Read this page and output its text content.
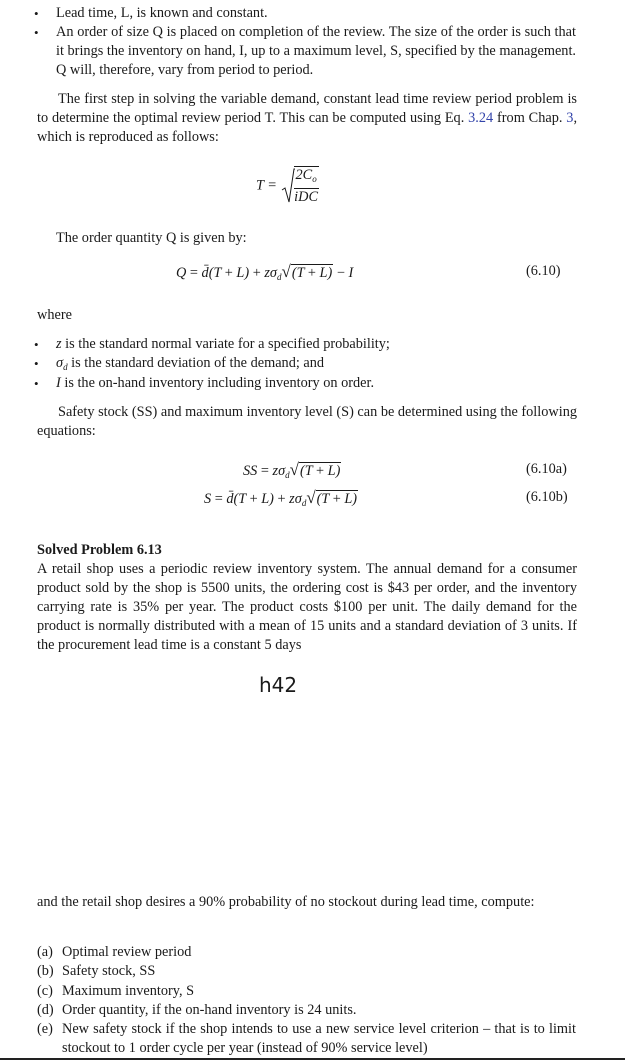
• Lead time, L, is known and constant.
• An order of size Q is placed on completion of the review. The size of the order is such that it brings the inventory on hand, I, up to a maximum level, S, specified by the management. Q will, therefore, vary from period to period.
The first step in solving the variable demand, constant lead time review period problem is to determine the optimal review period T. This can be computed using Eq. 3.24 from Chap. 3, which is reproduced as follows:
$T = \frac{2C_o}{\text{iDC}}$
The order quantity Q is given by:
Q = d̄(T + $L) + z\sigma_d√(T + L) - I$	(6.10)
where
• z is the standard normal variate for a specified probability;
• $\sigma_d$ is the standard deviation of the demand; and
• I is the on-hand inventory including inventory on order.
Safety stock (SS) and maximum inventory level (S) can be determined using the following equations:
SS = $z\sigma_d√(T + L)$	(6.10a)
S = d̄(T + $L) + z\sigma_d√(T + L)$	(6.10b)
Solved Problem 6.13
A retail shop uses a periodic review inventory system. The annual demand for a consumer product sold by the shop is 5500 units, the ordering cost is $43 per order, and the inventory carrying rate is 35% per year. The product costs $100 per unit. The daily demand for the product is normally distributed with a mean of 15 units and a standard deviation of 3 units. If the procurement lead time is a constant 5 days
h42
and the retail shop desires a 90% probability of no stockout during lead time, compute:
(a) Optimal review period
(b) Safety stock, SS
(c) Maximum inventory, S
(d) Order quantity, if the on-hand inventory is 24 units.
(e) New safety stock if the shop intends to use a new service level criterion – that is to limit stockout to 1 order cycle per year (instead of 90% service level)
